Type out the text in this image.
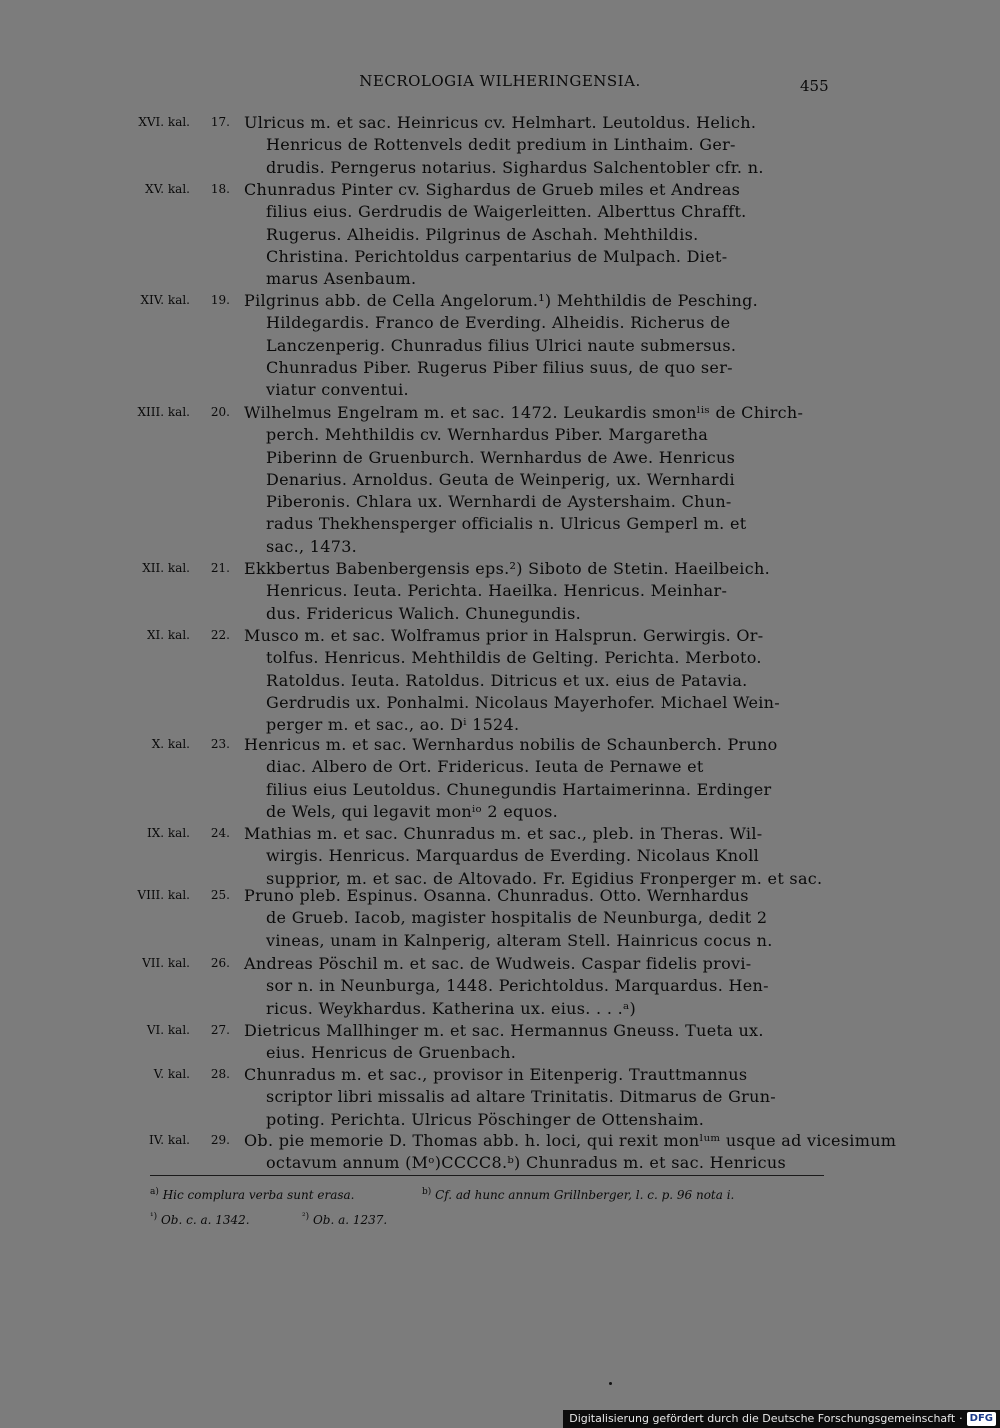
NECROLOGIA WILHERINGENSIA.	455
XVI. kal.	17. Ulricus m. et sac. Heinricus cv. Helmhart. Leutoldus. Helich.
Henricus de Rottenvels dedit predium in Linthaim. Ger-
drudis. Perngerus notarius. Sighardus Salchentobler cfr. n.
XV. kal.	18. Chunradus Pinter cv. Sighardus de Grueb miles et Andreas
filius eius. Gerdrudis de Waigerleitten. Alberttus Chrafft.
Rugerus. Alheidis. Pilgrinus de Aschah. Mehthildis.
Christina. Perichtoldus carpentarius de Mulpach. Diet-
marus Asenbaum.
XIV. kal.	19. Pilgrinus abb. de Cella Angelorum.¹) Mehthildis de Pesching.
Hildegardis. Franco de Everding. Alheidis. Richerus de
Lanczenperig. Chunradus filius Ulrici naute submersus.
Chunradus Piber. Rugerus Piber filius suus, de quo ser-
viatur conventui.
XIII. kal.	20. Wilhelmus Engelram m. et sac. 1472. Leukardis smonˡⁱˢ de Chirch-
perch. Mehthildis cv. Wernhardus Piber. Margaretha
Piberinn de Gruenburch. Wernhardus de Awe. Henricus
Denarius. Arnoldus. Geuta de Weinperig, ux. Wernhardi
Piberonis. Chlara ux. Wernhardi de Aystershaim. Chun-
radus Thekhensperger officialis n. Ulricus Gemperl m. et
sac., 1473.
XII. kal.	21. Ekkbertus Babenbergensis eps.²) Siboto de Stetin. Haeilbeich.
Henricus. Ieuta. Perichta. Haeilka. Henricus. Meinhar-
dus. Fridericus Walich. Chunegundis.
XI. kal.	22. Musco m. et sac. Wolframus prior in Halsprun. Gerwirgis. Or-
tolfus. Henricus. Mehthildis de Gelting. Perichta. Merboto.
Ratoldus. Ieuta. Ratoldus. Ditricus et ux. eius de Patavia.
Gerdrudis ux. Ponhalmi. Nicolaus Mayerhofer. Michael Wein-
perger m. et sac., ao. Dⁱ 1524.
X. kal.	23. Henricus m. et sac. Wernhardus nobilis de Schaunberch. Pruno
diac. Albero de Ort. Fridericus. Ieuta de Pernawe et
filius eius Leutoldus. Chunegundis Hartaimerinna. Erdinger
de Wels, qui legavit monⁱᵒ 2 equos.
IX. kal.	24. Mathias m. et sac. Chunradus m. et sac., pleb. in Theras. Wil-
wirgis. Henricus. Marquardus de Everding. Nicolaus Knoll
supprior, m. et sac. de Altovado. Fr. Egidius Fronperger m. et sac.
VIII. kal.	25. Pruno pleb. Espinus. Osanna. Chunradus. Otto. Wernhardus
de Grueb. Iacob, magister hospitalis de Neunburga, dedit 2
vineas, unam in Kalnperig, alteram Stell. Hainricus cocus n.
VII. kal.	26. Andreas Pöschil m. et sac. de Wudweis. Caspar fidelis provi-
sor n. in Neunburga, 1448. Perichtoldus. Marquardus. Hen-
ricus. Weykhardus. Katherina ux. eius. . . .ᵃ)
VI. kal.	27. Dietricus Mallhinger m. et sac. Hermannus Gneuss. Tueta ux.
eius. Henricus de Gruenbach.
V. kal.	28. Chunradus m. et sac., provisor in Eitenperig. Trauttmannus
scriptor libri missalis ad altare Trinitatis. Ditmarus de Grun-
poting. Perichta. Ulricus Pöschinger de Ottenshaim.
IV. kal.	29. Ob. pie memorie D. Thomas abb. h. loci, qui rexit monˡᵘᵐ usque ad vicesimum
octavum annum (Mᵒ)CCCC8.ᵇ) Chunradus m. et sac. Henricus
$^{a)}$ Hic complura verba sunt erasa.	$^{b)}$ Cf. ad hunc annum Grillnberger, l. c. p. 96 nota i.
$^{^1)}$ Ob. c. a. 1342.	$^{^2)}$ Ob. a. 1237.
Digitalisierung gefördert durch die Deutsche Forschungsgemeinschaft · DFG
